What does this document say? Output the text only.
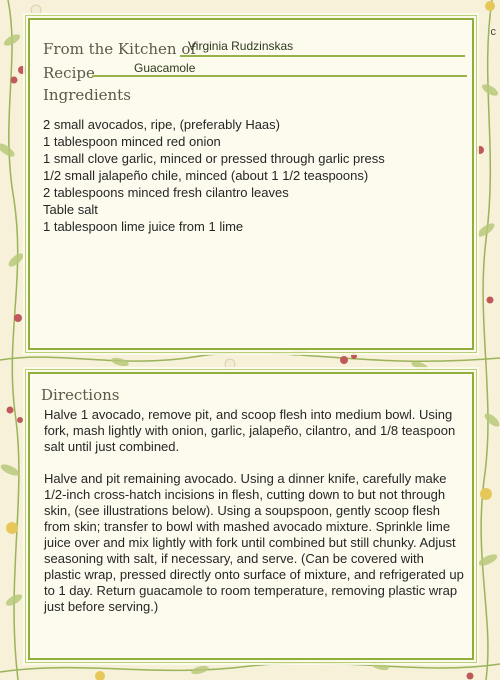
c
From the Kitchen of
Virginia Rudzinskas
Recipe	Guacamole
Ingredients
2 small avocados, ripe, (preferably Haas)
1 tablespoon minced red onion
1 small clove garlic, minced or pressed through garlic press
1/2 small jalapeño chile, minced (about 1 1/2 teaspoons)
2 tablespoons minced fresh cilantro leaves
Table salt
1 tablespoon lime juice from 1 lime
Directions

Halve 1 avocado, remove pit, and scoop flesh into medium bowl. Using fork, mash lightly with onion, garlic, jalapeño, cilantro, and 1/8 teaspoon salt until just combined.

Halve and pit remaining avocado. Using a dinner knife, carefully make 1/2-inch cross-hatch incisions in flesh, cutting down to but not through skin, (see illustrations below). Using a soupspoon, gently scoop flesh from skin; transfer to bowl with mashed avocado mixture. Sprinkle lime juice over and mix lightly with fork until combined but still chunky. Adjust seasoning with salt, if necessary, and serve. (Can be covered with plastic wrap, pressed directly onto surface of mixture, and refrigerated up to 1 day. Return guacamole to room temperature, removing plastic wrap just before serving.)
